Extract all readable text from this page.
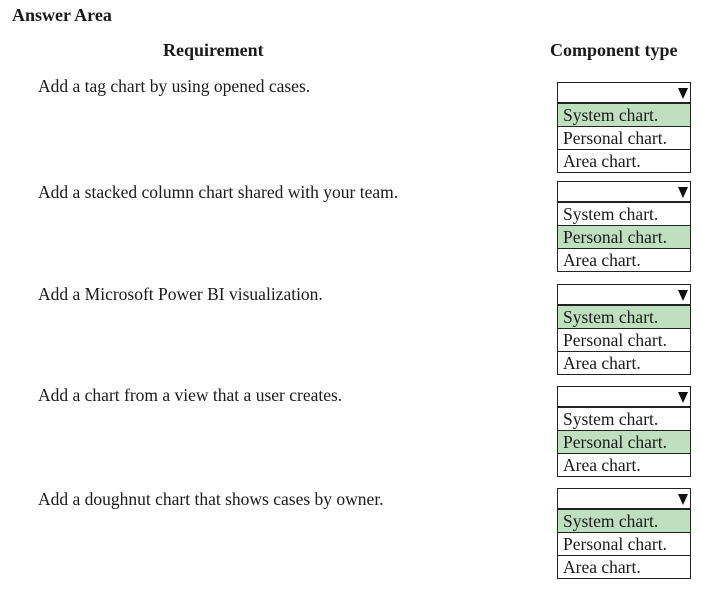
Answer Area
Requirement	Component type
Add a tag chart by using opened cases.
System chart.
Personal chart.
Area chart.
Add a stacked column chart shared with your team.
System chart.
Personal chart.
Area chart.
Add a Microsoft Power BI visualization.
System chart.
Personal chart.
Area chart.
Add a chart from a view that a user creates.
System chart.
Personal chart.
Area chart.
Add a doughnut chart that shows cases by owner.
System chart.
Personal chart.
Area chart.
